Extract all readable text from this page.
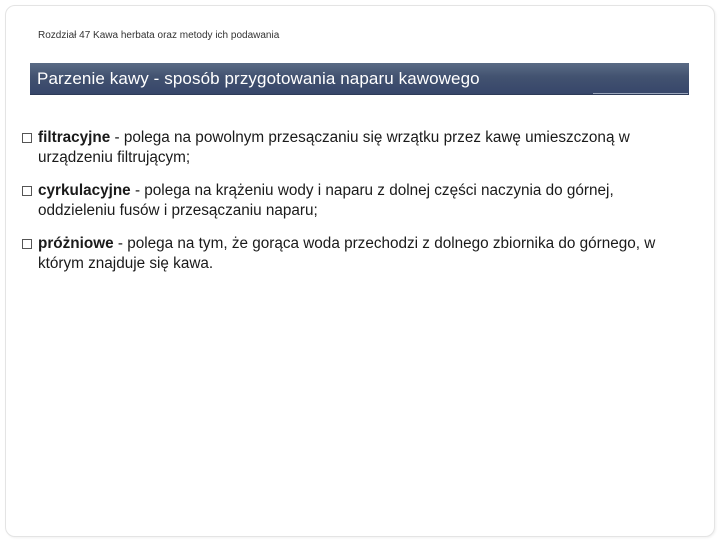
Rozdział 47 Kawa herbata oraz metody ich podawania
Parzenie kawy - sposób przygotowania naparu kawowego
filtracyjne - polega na powolnym przesączaniu się wrzątku przez kawę umieszczoną w urządzeniu filtrującym;
cyrkulacyjne - polega na krążeniu wody i naparu z dolnej części naczynia do górnej, oddzieleniu fusów i przesączaniu naparu;
próżniowe - polega na tym, że gorąca woda przechodzi z dolnego zbiornika do górnego, w którym znajduje się kawa.
